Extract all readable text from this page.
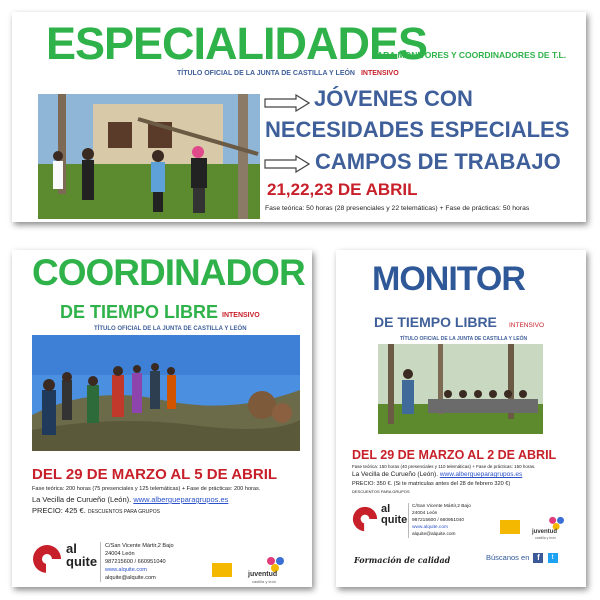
ESPECIALIDADES
PARA MONITORES Y COORDINADORES DE T.L.
TÍTULO OFICIAL DE LA JUNTA DE CASTILLA Y LEÓN INTENSIVO
JÓVENES CON
NECESIDADES ESPECIALES
CAMPOS DE TRABAJO
21,22,23 DE ABRIL
Fase teórica: 50 horas (28 presenciales y 22 telemáticas) + Fase de prácticas: 50 horas
COORDINADOR
DE TIEMPO LIBRE INTENSIVO
TÍTULO OFICIAL DE LA JUNTA DE CASTILLA Y LEÓN
DEL 29 DE MARZO AL 5 DE ABRIL
Fase teórica: 200 horas (75 presenciales y 125 telemáticas) + Fase de prácticas: 200 horas.
La Vecilla de Curueño (León). www.albergueparagrupos.es
PRECIO: 425 €. DESCUENTOS PARA GRUPOS
al
quite
C/San Vicente Mártir,2 Bajo
24004 León
987215600 / 660951040
www.alquite.com
alquite@alquite.com	juventud
castilla y león
MONITOR
DE TIEMPO LIBRE INTENSIVO
TÍTULO OFICIAL DE LA JUNTA DE CASTILLA Y LEÓN
DEL 29 DE MARZO AL 2 DE ABRIL
Fase teórica: 150 horas (40 presenciales y 110 telemáticas) + Fase de prácticas: 150 horas.
La Vecilla de Curueño (León). www.albergueparagrupos.es
PRECIO: 350 €. (Si te matriculas antes del 28 de febrero 320 €)
DESCUENTOS PARA GRUPOS
al
quite
C/San Vicente Mártir,2 Bajo
24004 León
987215600 / 660951040
www.alquite.com
alquite@alquite.com	juventud
castilla y león
Formación de calidad	Búscanos en f t
